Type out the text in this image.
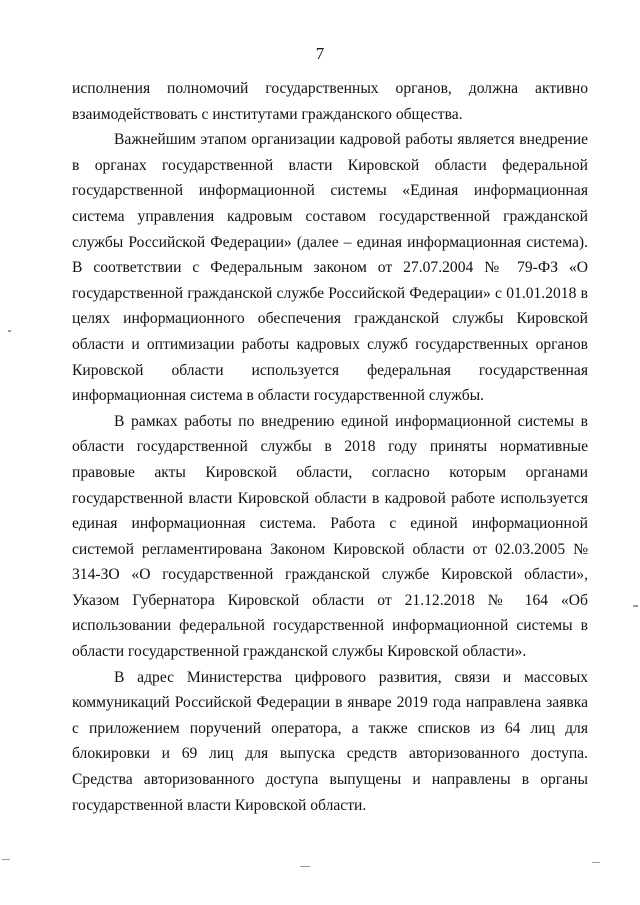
7

исполнения полномочий государственных органов, должна активно взаимодействовать с институтами гражданского общества.

Важнейшим этапом организации кадровой работы является внедрение в органах государственной власти Кировской области федеральной государственной информационной системы «Единая информационная система управления кадровым составом государственной гражданской службы Российской Федерации» (далее – единая информационная система). В соответствии с Федеральным законом от 27.07.2004 № 79-ФЗ «О государственной гражданской службе Российской Федерации» с 01.01.2018 в целях информационного обеспечения гражданской службы Кировской области и оптимизации работы кадровых служб государственных органов Кировской области используется федеральная государственная информационная система в области государственной службы.

В рамках работы по внедрению единой информационной системы в области государственной службы в 2018 году приняты нормативные правовые акты Кировской области, согласно которым органами государственной власти Кировской области в кадровой работе используется единая информационная система. Работа с единой информационной системой регламентирована Законом Кировской области от 02.03.2005 № 314-ЗО «О государственной гражданской службе Кировской области», Указом Губернатора Кировской области от 21.12.2018 № 164 «Об использовании федеральной государственной информационной системы в области государственной гражданской службы Кировской области».

В адрес Министерства цифрового развития, связи и массовых коммуникаций Российской Федерации в январе 2019 года направлена заявка с приложением поручений оператора, а также списков из 64 лиц для блокировки и 69 лиц для выпуска средств авторизованного доступа. Средства авторизованного доступа выпущены и направлены в органы государственной власти Кировской области.
